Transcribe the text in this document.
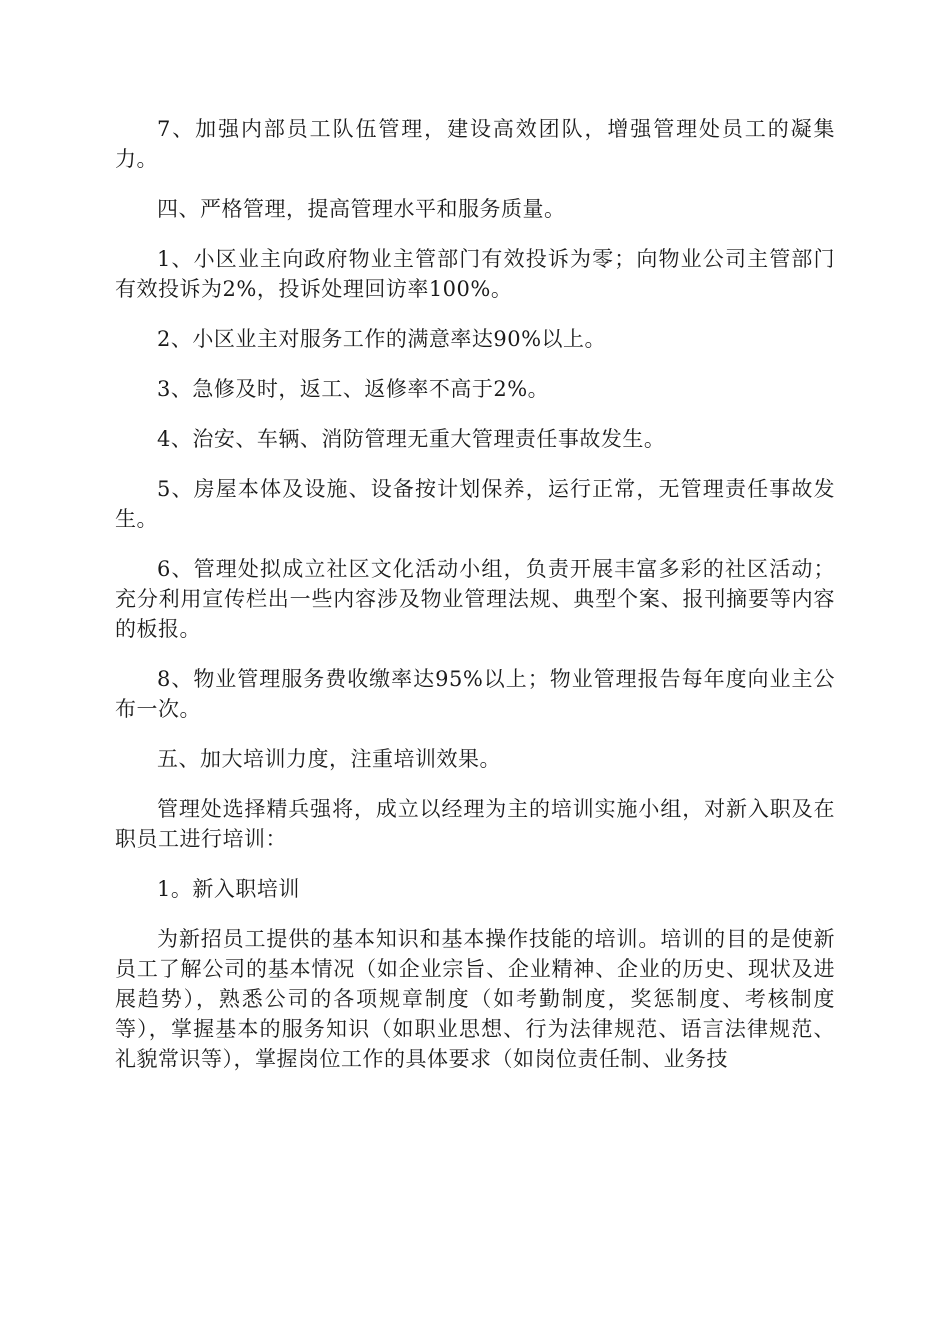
7、加强内部员工队伍管理，建设高效团队，增强管理处员工的凝集力。

四、严格管理，提高管理水平和服务质量。

1、小区业主向政府物业主管部门有效投诉为零；向物业公司主管部门有效投诉为2%，投诉处理回访率100%。

2、小区业主对服务工作的满意率达90%以上。

3、急修及时，返工、返修率不高于2%。

4、治安、车辆、消防管理无重大管理责任事故发生。

5、房屋本体及设施、设备按计划保养，运行正常，无管理责任事故发生。

6、管理处拟成立社区文化活动小组，负责开展丰富多彩的社区活动；充分利用宣传栏出一些内容涉及物业管理法规、典型个案、报刊摘要等内容的板报。

8、物业管理服务费收缴率达95%以上；物业管理报告每年度向业主公布一次。

五、加大培训力度，注重培训效果。

管理处选择精兵强将，成立以经理为主的培训实施小组，对新入职及在职员工进行培训：

1。新入职培训

为新招员工提供的基本知识和基本操作技能的培训。培训的目的是使新员工了解公司的基本情况（如企业宗旨、企业精神、企业的历史、现状及进展趋势），熟悉公司的各项规章制度（如考勤制度，奖惩制度、考核制度等），掌握基本的服务知识（如职业思想、行为法律规范、语言法律规范、礼貌常识等），掌握岗位工作的具体要求（如岗位责任制、业务技
